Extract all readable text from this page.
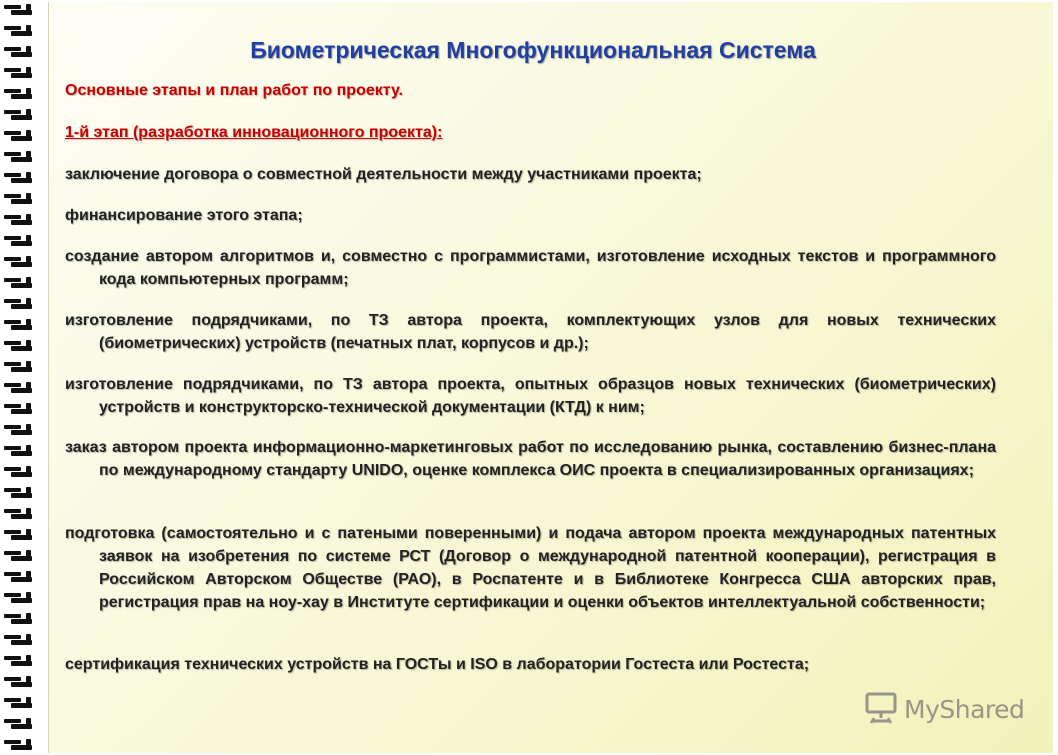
Биометрическая Многофункциональная Система

Основные этапы и план работ по проекту.

1-й этап (разработка инновационного проекта):

заключение договора о совместной деятельности между участниками проекта;

финансирование этого этапа;

создание автором алгоритмов и, совместно с программистами, изготовление исходных текстов и программного кода компьютерных программ;

изготовление подрядчиками, по ТЗ автора проекта, комплектующих узлов для новых технических (биометрических) устройств (печатных плат, корпусов и др.);

изготовление подрядчиками, по ТЗ автора проекта, опытных образцов новых технических (биометрических) устройств и конструкторско-технической документации (КТД) к ним;

заказ автором проекта информационно-маркетинговых работ по исследованию рынка, составлению бизнес-плана по международному стандарту UNIDO, оценке комплекса ОИС проекта в специализированных организациях;

подготовка (самостоятельно и с патеными поверенными) и подача автором проекта международных патентных заявок на изобретения по системе РСТ (Договор о международной патентной кооперации), регистрация в Российском Авторском Обществе (РАО), в Роспатенте и в Библиотеке Конгресса США авторских прав, регистрация прав на ноу-хау в Институте сертификации и оценки объектов интеллектуальной собственности;

сертификация технических устройств на ГОСТы и ISO в лаборатории Гостеста или Ростеста;

MyShared
